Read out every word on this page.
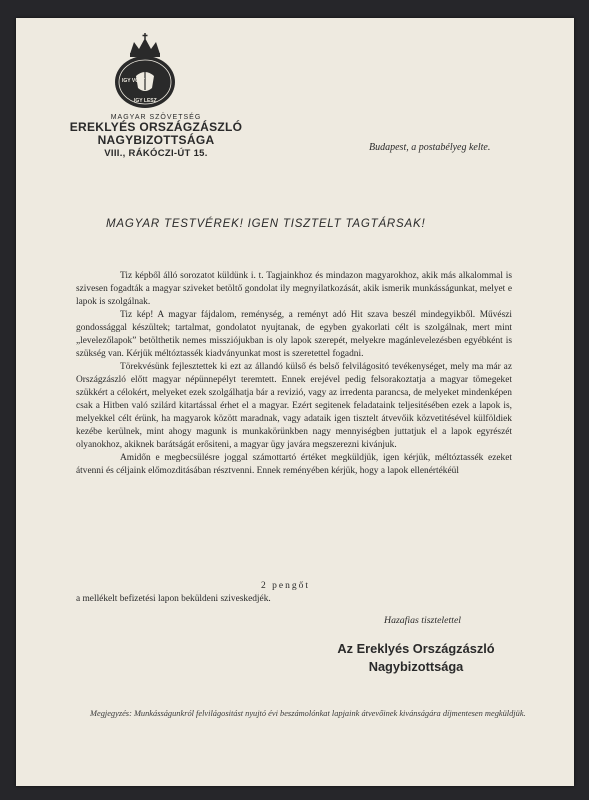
IGY VOLT
IGY LESZ
MAGYAR SZÖVETSÉG
EREKLYÉS ORSZÁGZÁSZLÓ
NAGYBIZOTTSÁGA
VIII., RÁKÓCZI-ÚT 15.
Budapest, a postabélyeg kelte.
MAGYAR TESTVÉREK! IGEN TISZTELT TAGTÁRSAK!

Tiz képből álló sorozatot küldünk i. t. Tagjainkhoz és mindazon magyarokhoz, akik más alkalommal is szivesen fogadták a magyar sziveket betöltő gondolat ily megnyilatkozását, akik ismerik munkásságunkat, melyet e lapok is szolgálnak.

Tiz kép! A magyar fájdalom, reménység, a reményt adó Hit szava beszél mindegyikből. Művészi gondossággal készültek; tartalmat, gondolatot nyujtanak, de egyben gyakorlati célt is szolgálnak, mert mint „levelezőlapok” betölthetik nemes missziójukban is oly lapok szerepét, melyekre magánlevelezésben egyébként is szükség van. Kérjük méltóztassék kiadványunkat most is szeretettel fogadni.

Törekvésünk fejlesztettek ki ezt az állandó külső és belső felvilágositó tevékenységet, mely ma már az Országzászló előtt magyar népünnepélyt teremtett. Ennek erejével pedig felsorakoztatja a magyar tömegeket szükkért a célokért, melyeket ezek szolgálhatja bár a revizió, vagy az irredenta parancsa, de melyeket mindenképen csak a Hitben való szilárd kitartással érhet el a magyar. Ezért segitenek feladataink teljesitésében ezek a lapok is, melyekkel célt érünk, ha magyarok között maradnak, vagy adataik igen tisztelt átvevőik közvetitésével külföldiek kezébe kerülnek, mint ahogy magunk is munkakörünkben nagy mennyiségben juttatjuk el a lapok egyrészét olyanokhoz, akiknek barátságát erősiteni, a magyar ügy javára megszerezni kivánjuk.

Amidőn e megbecsülésre joggal számottartó értéket megküldjük, igen kérjük, méltóztassék ezeket átvenni és céljaink előmozditásában résztvenni. Ennek reményében kérjük, hogy a lapok ellenértékéül

2 pengőt
a mellékelt befizetési lapon beküldeni sziveskedjék.
Hazafias tisztelettel
Az Ereklyés Országzászló
Nagybizottsága
Megjegyzés: Munkásságunkról felvilágositást nyujtó évi beszámolónkat lapjaink átvevőinek kivánságára díjmentesen megküldjük.
